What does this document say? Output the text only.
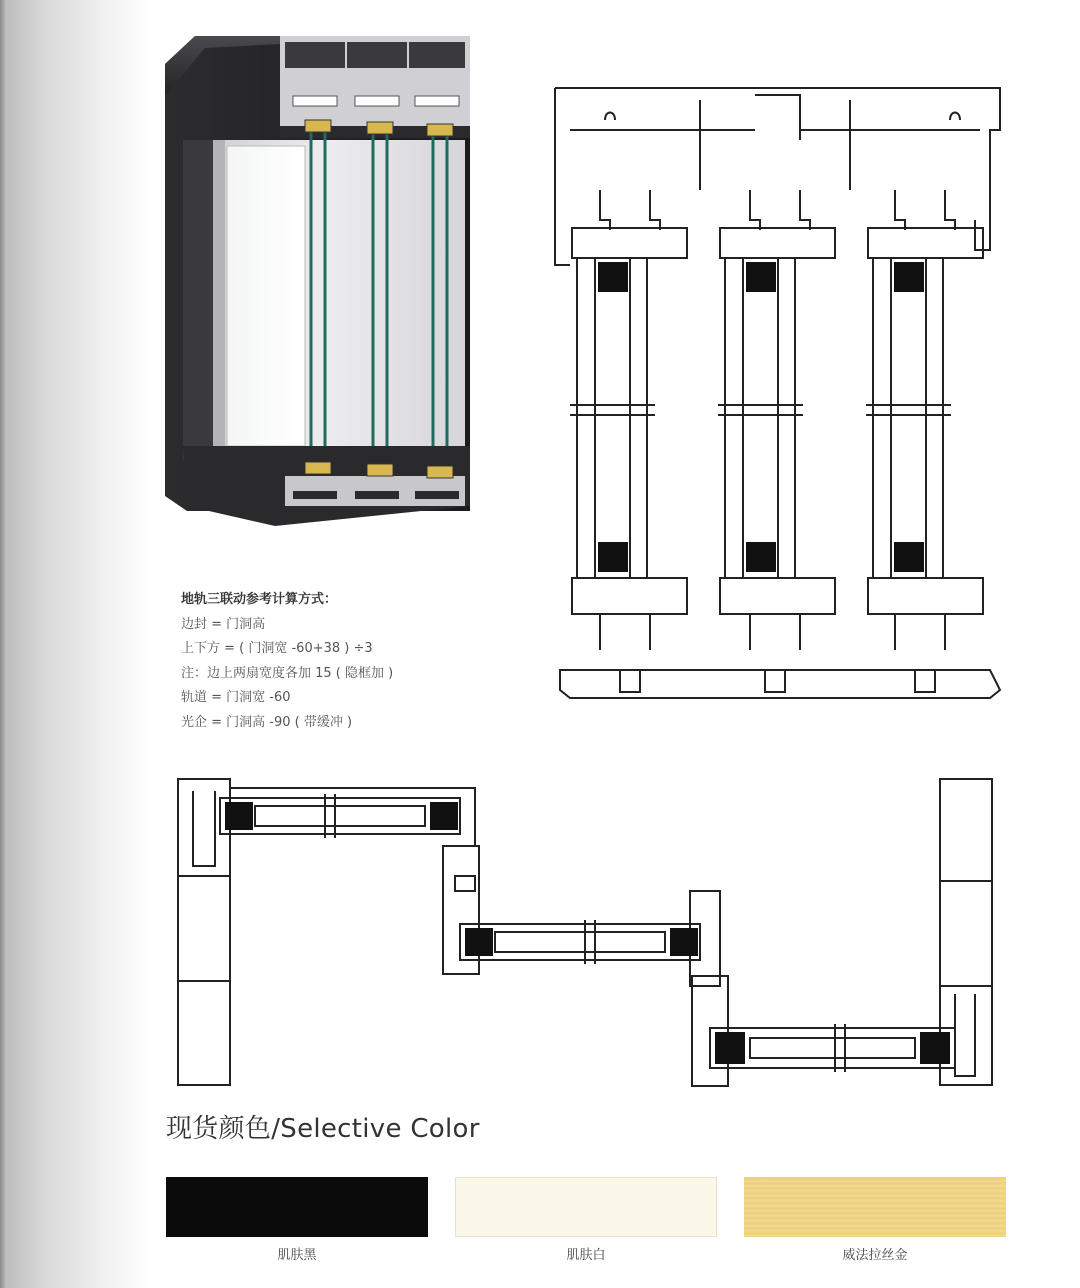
地轨三联动参考计算方式：
边封 = 门洞高
上下方 = ( 门洞宽 -60+38 ) ÷3
注：边上两扇宽度各加 15 ( 隐框加 )
轨道 = 门洞宽 -60
光企 = 门洞高 -90 ( 带缓冲 )
现货颜色/Selective Color
肌肤黑	肌肤白	威法拉丝金
